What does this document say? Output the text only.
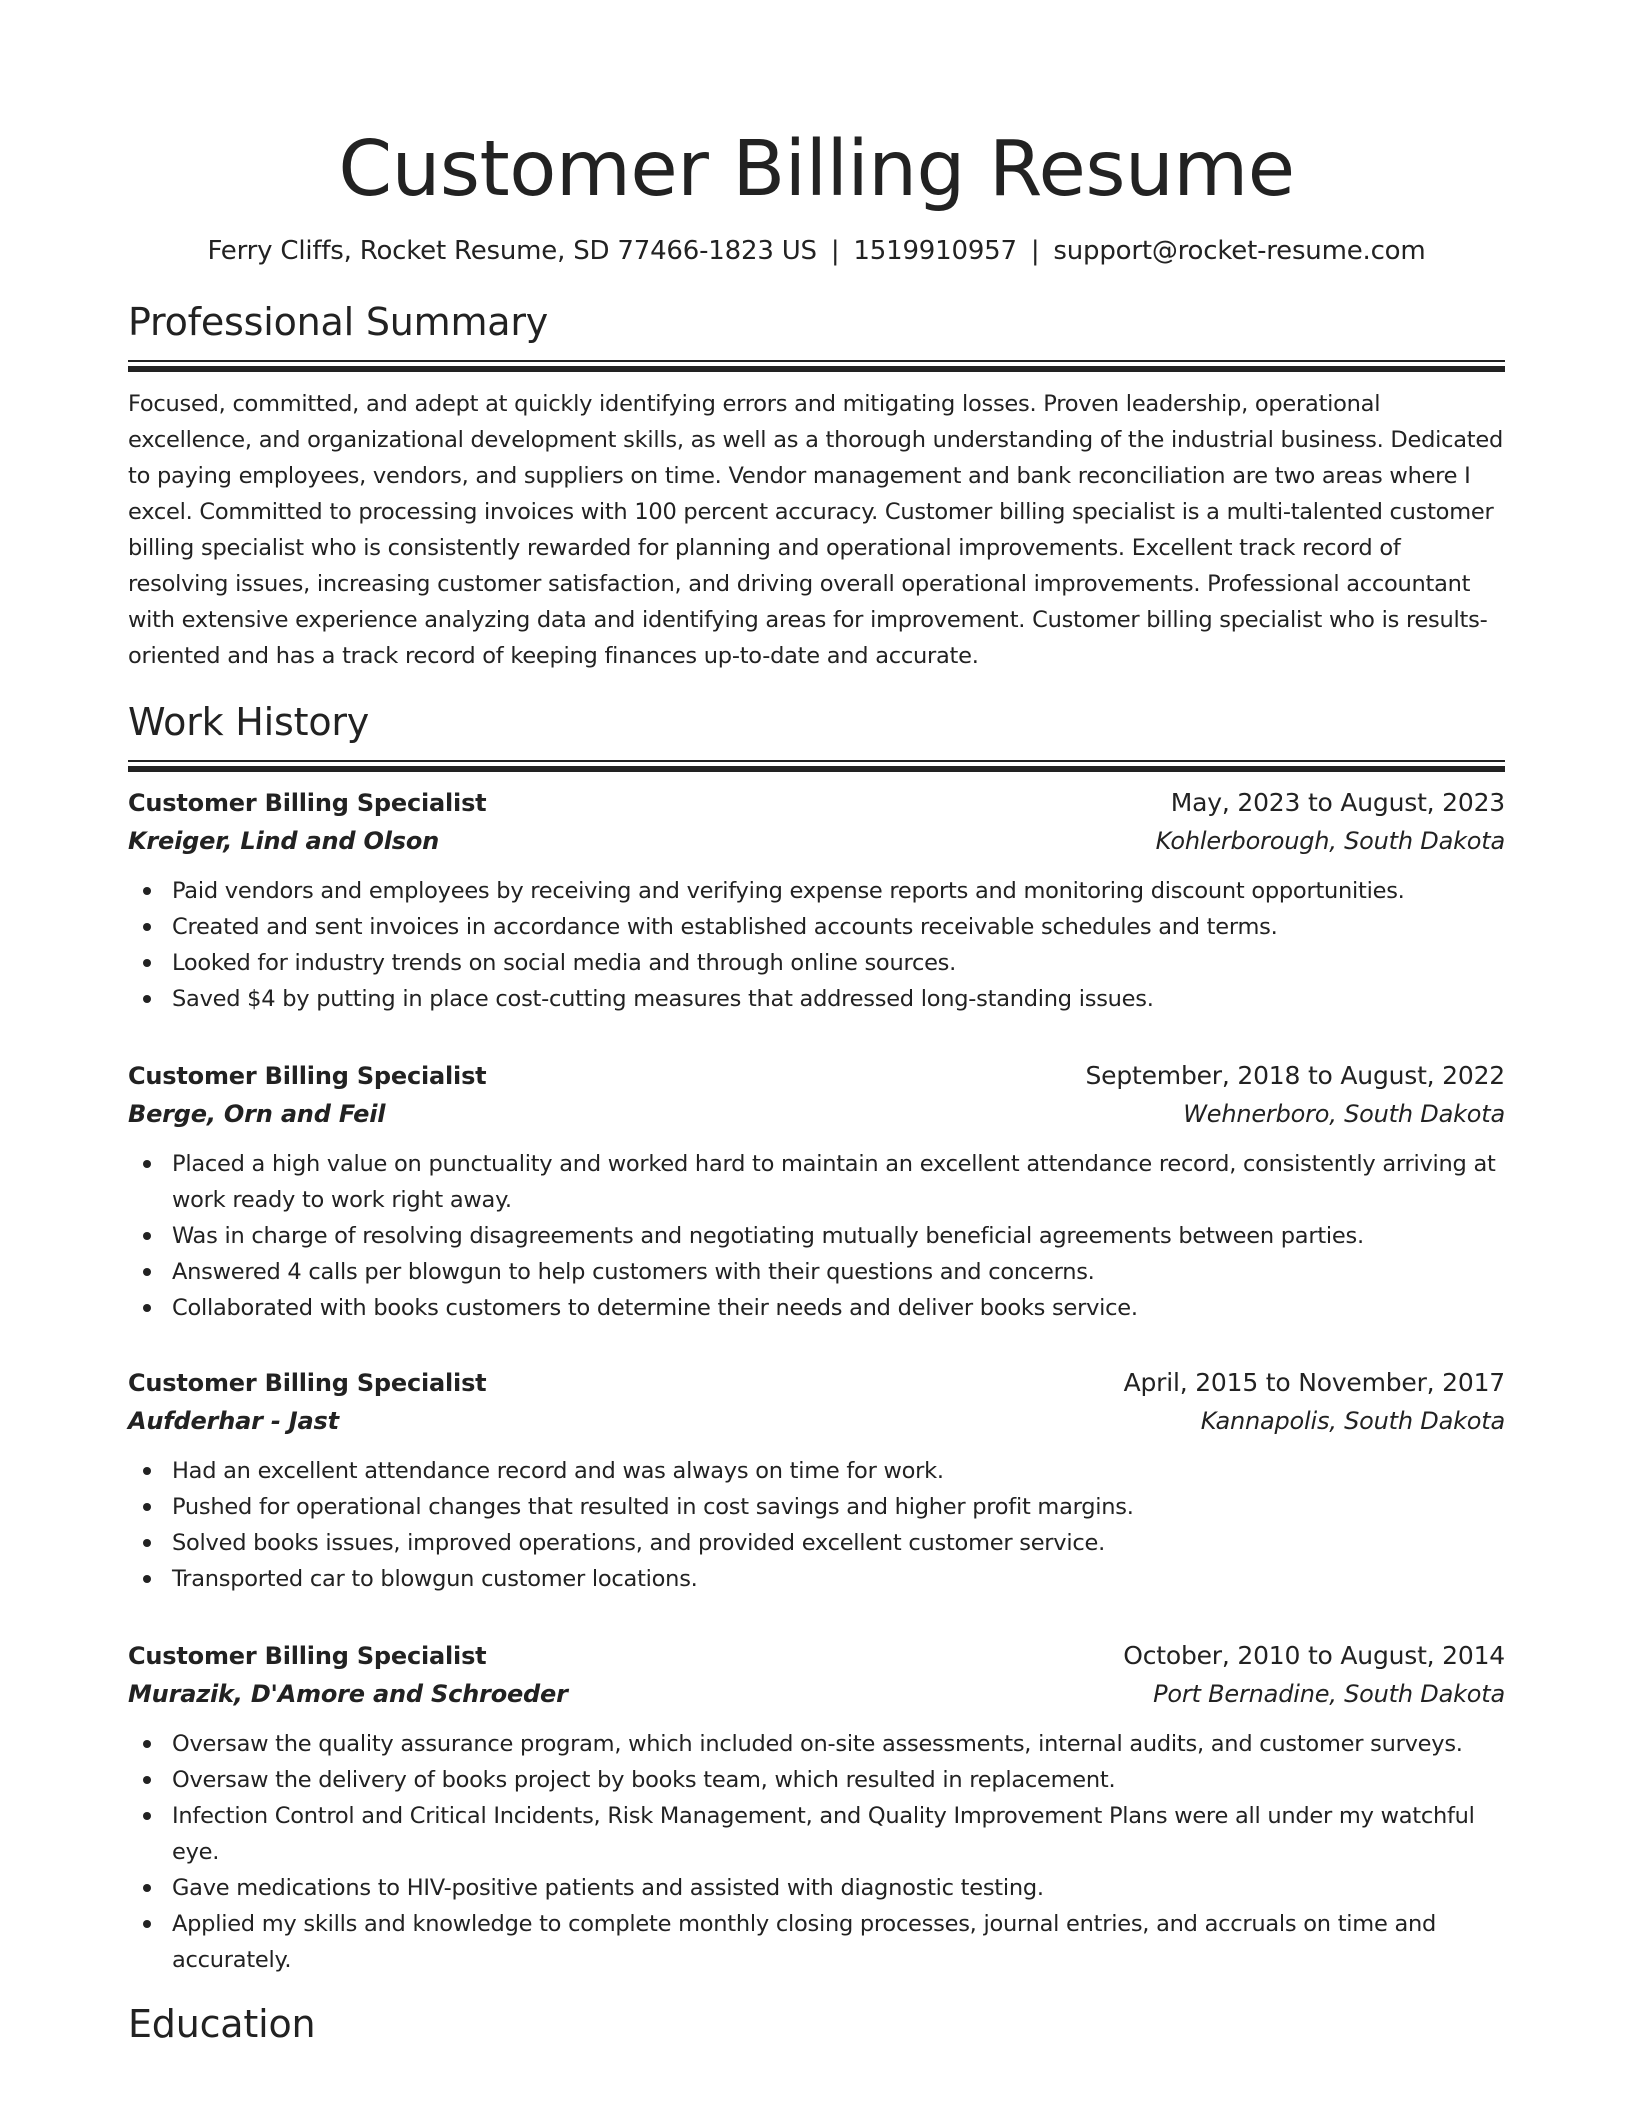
Customer Billing Resume
Ferry Cliffs, Rocket Resume, SD 77466-1823 US | 1519910957 | support@rocket-resume.com
Professional Summary

Focused, committed, and adept at quickly identifying errors and mitigating losses. Proven leadership, operational excellence, and organizational development skills, as well as a thorough understanding of the industrial business. Dedicated to paying employees, vendors, and suppliers on time. Vendor management and bank reconciliation are two areas where I excel. Committed to processing invoices with 100 percent accuracy. Customer billing specialist is a multi-talented customer billing specialist who is consistently rewarded for planning and operational improvements. Excellent track record of resolving issues, increasing customer satisfaction, and driving overall operational improvements. Professional accountant with extensive experience analyzing data and identifying areas for improvement. Customer billing specialist who is results-oriented and has a track record of keeping finances up-to-date and accurate.

Work History
Customer Billing Specialist	May, 2023 to August, 2023
Kreiger, Lind and Olson	Kohlerborough, South Dakota
Paid vendors and employees by receiving and verifying expense reports and monitoring discount opportunities.
Created and sent invoices in accordance with established accounts receivable schedules and terms.
Looked for industry trends on social media and through online sources.
Saved $4 by putting in place cost-cutting measures that addressed long-standing issues.
Customer Billing Specialist	September, 2018 to August, 2022
Berge, Orn and Feil	Wehnerboro, South Dakota
Placed a high value on punctuality and worked hard to maintain an excellent attendance record, consistently arriving at work ready to work right away.
Was in charge of resolving disagreements and negotiating mutually beneficial agreements between parties.
Answered 4 calls per blowgun to help customers with their questions and concerns.
Collaborated with books customers to determine their needs and deliver books service.
Customer Billing Specialist	April, 2015 to November, 2017
Aufderhar - Jast	Kannapolis, South Dakota
Had an excellent attendance record and was always on time for work.
Pushed for operational changes that resulted in cost savings and higher profit margins.
Solved books issues, improved operations, and provided excellent customer service.
Transported car to blowgun customer locations.
Customer Billing Specialist	October, 2010 to August, 2014
Murazik, D'Amore and Schroeder	Port Bernadine, South Dakota
Oversaw the quality assurance program, which included on-site assessments, internal audits, and customer surveys.
Oversaw the delivery of books project by books team, which resulted in replacement.
Infection Control and Critical Incidents, Risk Management, and Quality Improvement Plans were all under my watchful eye.
Gave medications to HIV-positive patients and assisted with diagnostic testing.
Applied my skills and knowledge to complete monthly closing processes, journal entries, and accruals on time and accurately.
Education
